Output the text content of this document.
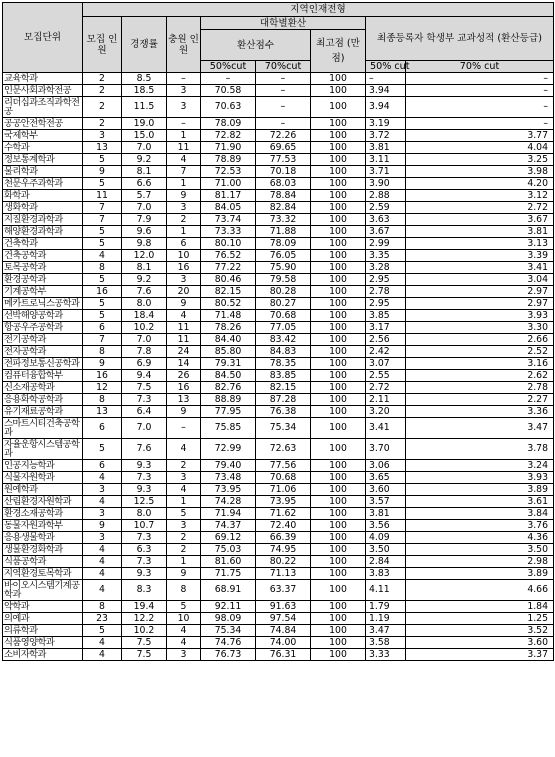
모집단위	지역인재전형							
	모집 인원	경쟁률	충원 인원	대학별환산			최종등록자 학생부 교과성적 (환산등급)	
				환산점수		최고점 (만점)		
				50%cut	70%cut		50% cut	70% cut
교육학과	2	8.5	–	–	–	100	–	–
인문사회과학전공	2	18.5	3	70.58	–	100	3.94	–
리더십과조직과학전공	2	11.5	3	70.63	–	100	3.94	–
공공안전학전공	2	19.0	–	78.09	–	100	3.19	–
국제학부	3	15.0	1	72.82	72.26	100	3.72	3.77
수학과	13	7.0	11	71.90	69.65	100	3.81	4.04
정보통계학과	5	9.2	4	78.89	77.53	100	3.11	3.25
물리학과	9	8.1	7	72.53	70.18	100	3.71	3.98
천문우주과학과	5	6.6	1	71.00	68.03	100	3.90	4.20
화학과	11	5.7	9	81.17	78.84	100	2.88	3.12
생화학과	7	7.0	3	84.05	82.84	100	2.59	2.72
지질환경과학과	7	7.9	2	73.74	73.32	100	3.63	3.67
해양환경과학과	5	9.6	1	73.33	71.88	100	3.67	3.81
건축학과	5	9.8	6	80.10	78.09	100	2.99	3.13
건축공학과	4	12.0	10	76.52	76.05	100	3.35	3.39
토목공학과	8	8.1	16	77.22	75.90	100	3.28	3.41
환경공학과	5	9.2	3	80.46	79.58	100	2.95	3.04
기계공학부	16	7.6	20	82.15	80.28	100	2.78	2.97
메카트로닉스공학과	5	8.0	9	80.52	80.27	100	2.95	2.97
선박해양공학과	5	18.4	4	71.48	70.68	100	3.85	3.93
항공우주공학과	6	10.2	11	78.26	77.05	100	3.17	3.30
전기공학과	7	7.0	11	84.40	83.42	100	2.56	2.66
전자공학과	8	7.8	24	85.80	84.83	100	2.42	2.52
전파정보통신공학과	9	6.9	14	79.31	78.35	100	3.07	3.16
컴퓨터융합학부	16	9.4	26	84.50	83.85	100	2.55	2.62
신소재공학과	12	7.5	16	82.76	82.15	100	2.72	2.78
응용화학공학과	8	7.3	13	88.89	87.28	100	2.11	2.27
유기재료공학과	13	6.4	9	77.95	76.38	100	3.20	3.36
스마트시티건축공학과	6	7.0	–	75.85	75.34	100	3.41	3.47
자율운항시스템공학과	5	7.6	4	72.99	72.63	100	3.70	3.78
인공지능학과	6	9.3	2	79.40	77.56	100	3.06	3.24
식물자원학과	4	7.3	3	73.48	70.68	100	3.65	3.93
원예학과	3	9.3	4	73.95	71.06	100	3.60	3.89
산림환경자원학과	4	12.5	1	74.28	73.95	100	3.57	3.61
환경소재공학과	3	8.0	5	71.94	71.62	100	3.81	3.84
동물자원과학부	9	10.7	3	74.37	72.40	100	3.56	3.76
응용생물학과	3	7.3	2	69.12	66.39	100	4.09	4.36
생물환경화학과	4	6.3	2	75.03	74.95	100	3.50	3.50
식품공학과	4	7.3	1	81.60	80.22	100	2.84	2.98
지역환경토목학과	4	9.3	9	71.75	71.13	100	3.83	3.89
바이오시스템기계공학과	4	8.3	8	68.91	63.37	100	4.11	4.66
약학과	8	19.4	5	92.11	91.63	100	1.79	1.84
의예과	23	12.2	10	98.09	97.54	100	1.19	1.25
의류학과	5	10.2	4	75.34	74.84	100	3.47	3.52
식품영양학과	4	7.5	4	74.76	74.00	100	3.58	3.60
소비자학과	4	7.5	3	76.73	76.31	100	3.33	3.37
